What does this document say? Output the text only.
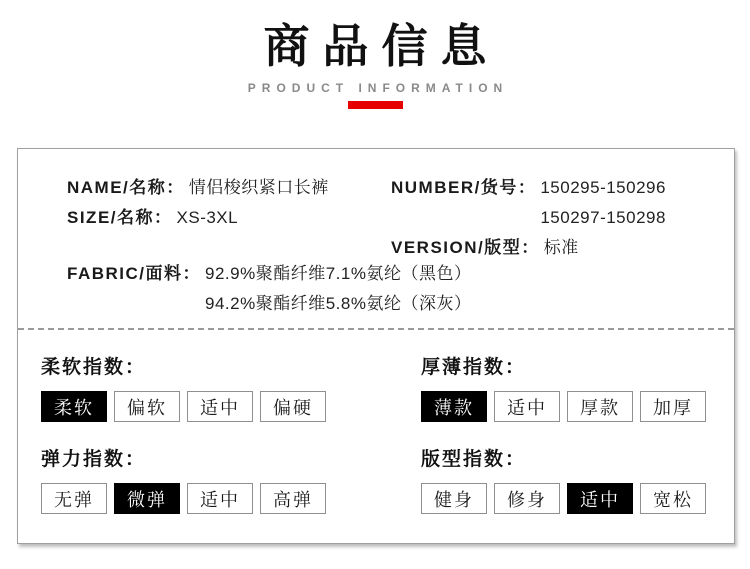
商品信息
PRODUCT INFORMATION
NAME/名称： 情侣梭织紧口长裤
SIZE/名称： XS-3XL
NUMBER/货号： 150295-150296
150297-150298
VERSION/版型： 标准
FABRIC/面料： 92.9%聚酯纤维7.1%氨纶（黑色）
94.2%聚酯纤维5.8%氨纶（深灰）
柔软指数：
柔软	偏软	适中	偏硬
厚薄指数：
薄款	适中	厚款	加厚
弹力指数：
无弹	微弹	适中	高弹
版型指数：
健身	修身	适中	宽松
